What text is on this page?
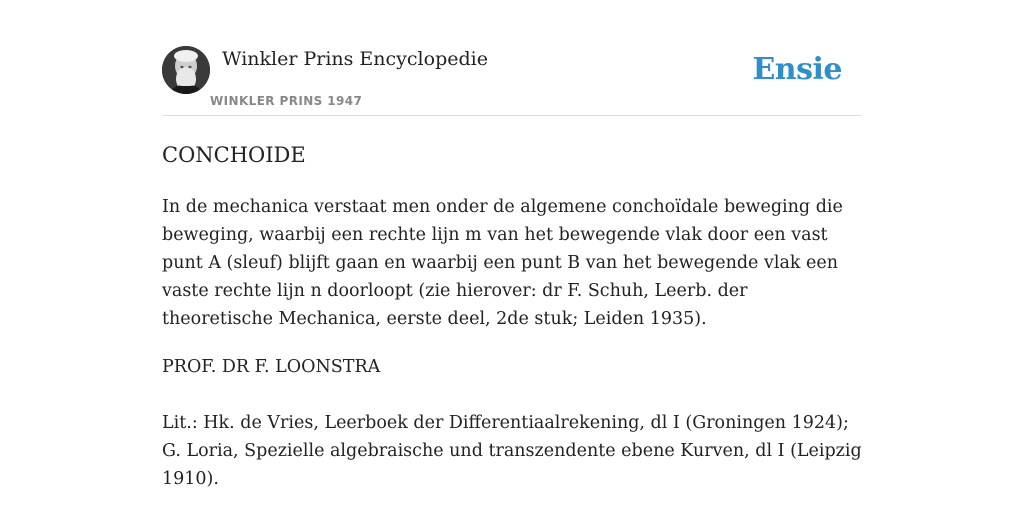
Winkler Prins Encyclopedie
WINKLER PRINS 1947
Ensie
CONCHOIDE

In de mechanica verstaat men onder de algemene conchoïdale beweging die beweging, waarbij een rechte lijn m van het bewegende vlak door een vast punt A (sleuf) blijft gaan en waarbij een punt B van het bewegende vlak een vaste rechte lijn n doorloopt (zie hierover: dr F. Schuh, Leerb. der theoretische Mechanica, eerste deel, 2de stuk; Leiden 1935).

PROF. DR F. LOONSTRA

Lit.: Hk. de Vries, Leerboek der Differentiaalrekening, dl I (Groningen 1924); G. Loria, Spezielle algebraische und transzendente ebene Kurven, dl I (Leipzig 1910).
